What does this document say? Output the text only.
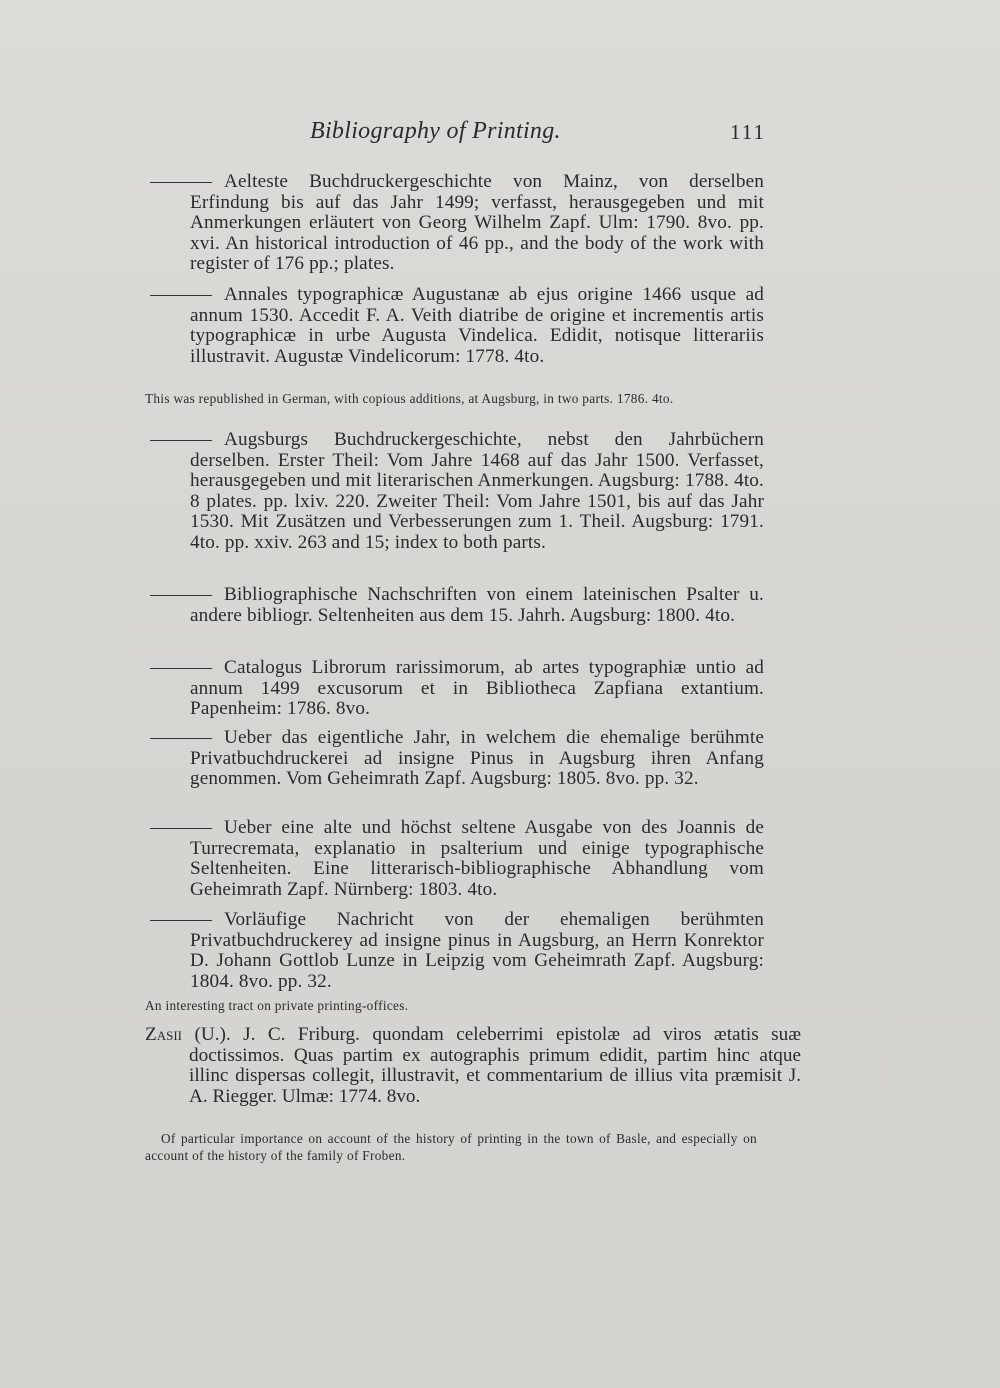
Bibliography of Printing.	111
Aelteste Buchdruckergeschichte von Mainz, von derselben Erfindung bis auf das Jahr 1499; verfasst, herausgegeben und mit Anmerkungen erläutert von Georg Wilhelm Zapf. Ulm: 1790. 8vo. pp. xvi. An historical introduction of 46 pp., and the body of the work with register of 176 pp.; plates.
Annales typographicæ Augustanæ ab ejus origine 1466 usque ad annum 1530. Accedit F. A. Veith diatribe de origine et incrementis artis typographicæ in urbe Augusta Vindelica. Edidit, notisque litterariis illustravit. Augustæ Vindelicorum: 1778. 4to.
This was republished in German, with copious additions, at Augsburg, in two parts. 1786. 4to.
Augsburgs Buchdruckergeschichte, nebst den Jahrbüchern derselben. Erster Theil: Vom Jahre 1468 auf das Jahr 1500. Verfasset, herausgegeben und mit literarischen Anmerkungen. Augsburg: 1788. 4to. 8 plates. pp. lxiv. 220. Zweiter Theil: Vom Jahre 1501, bis auf das Jahr 1530. Mit Zusätzen und Verbesserungen zum 1. Theil. Augsburg: 1791. 4to. pp. xxiv. 263 and 15; index to both parts.
Bibliographische Nachschriften von einem lateinischen Psalter u. andere bibliogr. Seltenheiten aus dem 15. Jahrh. Augsburg: 1800. 4to.
Catalogus Librorum rarissimorum, ab artes typographiæ untio ad annum 1499 excusorum et in Bibliotheca Zapfiana extantium. Papenheim: 1786. 8vo.
Ueber das eigentliche Jahr, in welchem die ehemalige berühmte Privatbuchdruckerei ad insigne Pinus in Augsburg ihren Anfang genommen. Vom Geheimrath Zapf. Augsburg: 1805. 8vo. pp. 32.
Ueber eine alte und höchst seltene Ausgabe von des Joannis de Turrecremata, explanatio in psalterium und einige typographische Seltenheiten. Eine litterarisch-bibliographische Abhandlung vom Geheimrath Zapf. Nürnberg: 1803. 4to.
Vorläufige Nachricht von der ehemaligen berühmten Privatbuchdruckerey ad insigne pinus in Augsburg, an Herrn Konrektor D. Johann Gottlob Lunze in Leipzig vom Geheimrath Zapf. Augsburg: 1804. 8vo. pp. 32.
An interesting tract on private printing-offices.
Zasii (U.). J. C. Friburg. quondam celeberrimi epistolæ ad viros ætatis suæ doctissimos. Quas partim ex autographis primum edidit, partim hinc atque illinc dispersas collegit, illustravit, et commentarium de illius vita præmisit J. A. Riegger. Ulmæ: 1774. 8vo.
Of particular importance on account of the history of printing in the town of Basle, and especially on account of the history of the family of Froben.
